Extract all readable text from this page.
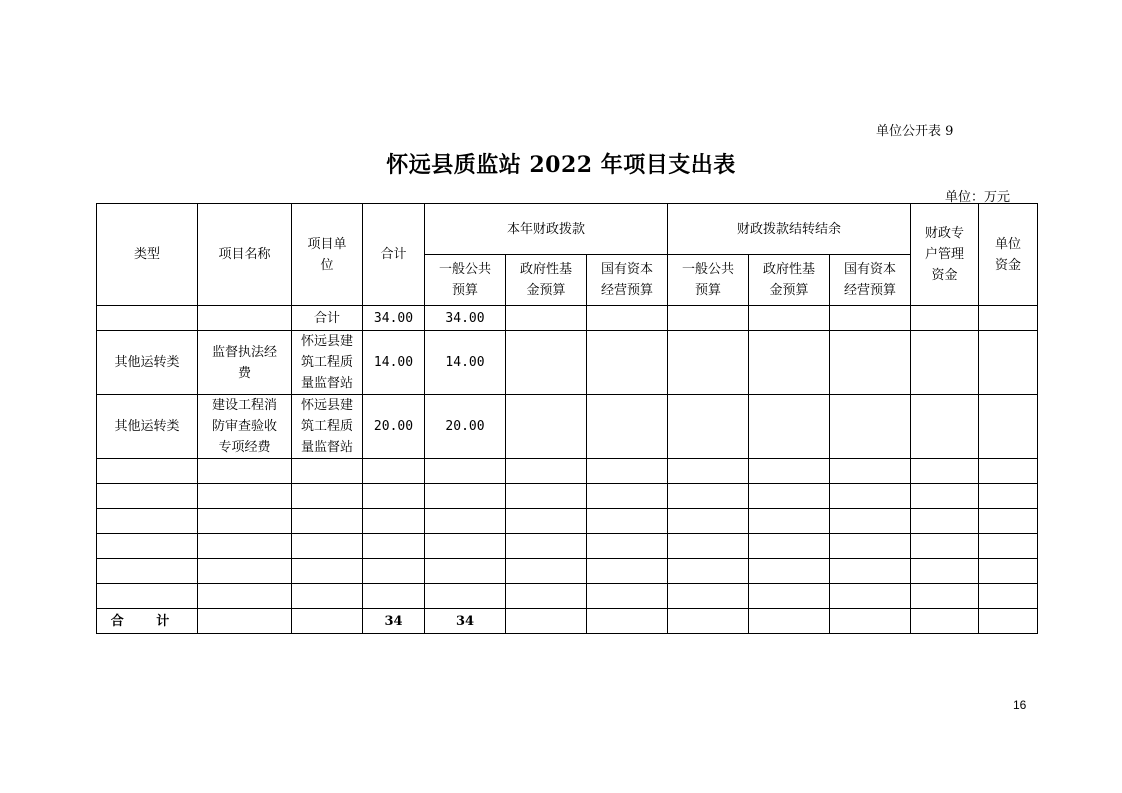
单位公开表 9
怀远县质监站 2022 年项目支出表
单位：万元
类型	项目名称	项目单位	合计	本年财政拨款			财政拨款结转结余			财政专户管理资金	单位资金
				一般公共预算	政府性基金预算	国有资本经营预算	一般公共预算	政府性基金预算	国有资本经营预算		
		合计	34.00	34.00							
其他运转类	监督执法经费	怀远县建筑工程质量监督站	14.00	14.00							
其他运转类	建设工程消防审查验收专项经费	怀远县建筑工程质量监督站	20.00	20.00							

合 计			34	34							
16
